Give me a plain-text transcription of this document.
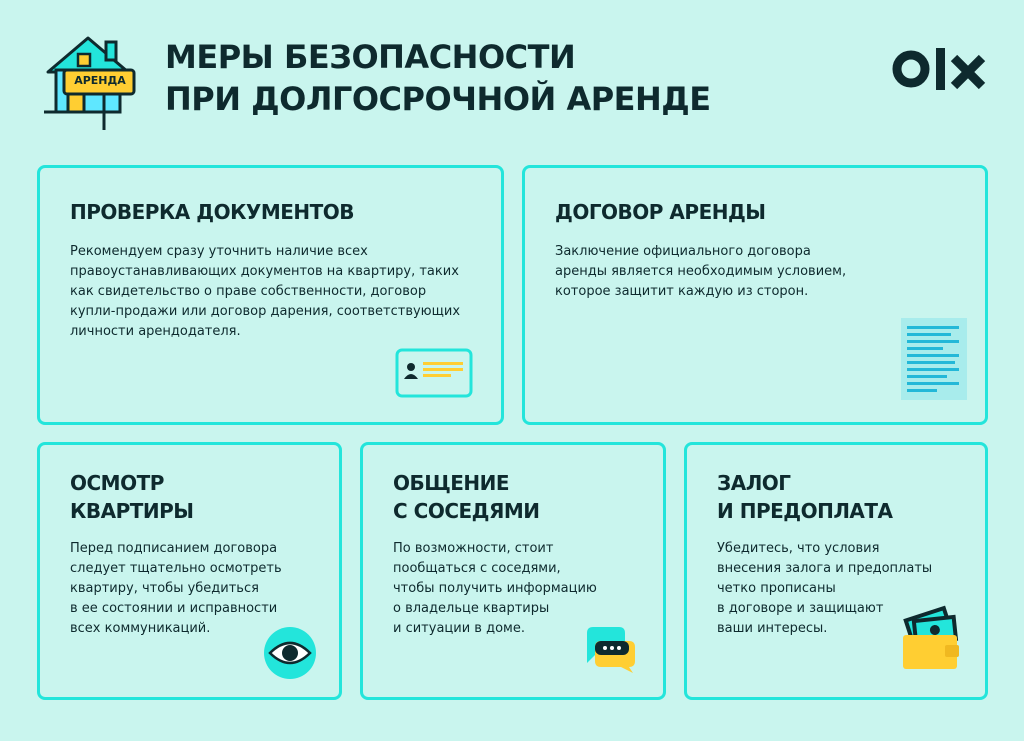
АРЕНДА
МЕРЫ БЕЗОПАСНОСТИ
ПРИ ДОЛГОСРОЧНОЙ АРЕНДЕ
ПРОВЕРКА ДОКУМЕНТОВ
Рекомендуем сразу уточнить наличие всех
правоустанавливающих документов на квартиру, таких
как свидетельство о праве собственности, договор
купли-продажи или договор дарения, соответствующих
личности арендодателя.
ДОГОВОР АРЕНДЫ
Заключение официального договора
аренды является необходимым условием,
которое защитит каждую из сторон.
ОСМОТР
КВАРТИРЫ
Перед подписанием договора
следует тщательно осмотреть
квартиру, чтобы убедиться
в ее состоянии и исправности
всех коммуникаций.
ОБЩЕНИЕ
С СОСЕДЯМИ
По возможности, стоит
пообщаться с соседями,
чтобы получить информацию
о владельце квартиры
и ситуации в доме.
ЗАЛОГ
И ПРЕДОПЛАТА
Убедитесь, что условия
внесения залога и предоплаты
четко прописаны
в договоре и защищают
ваши интересы.
